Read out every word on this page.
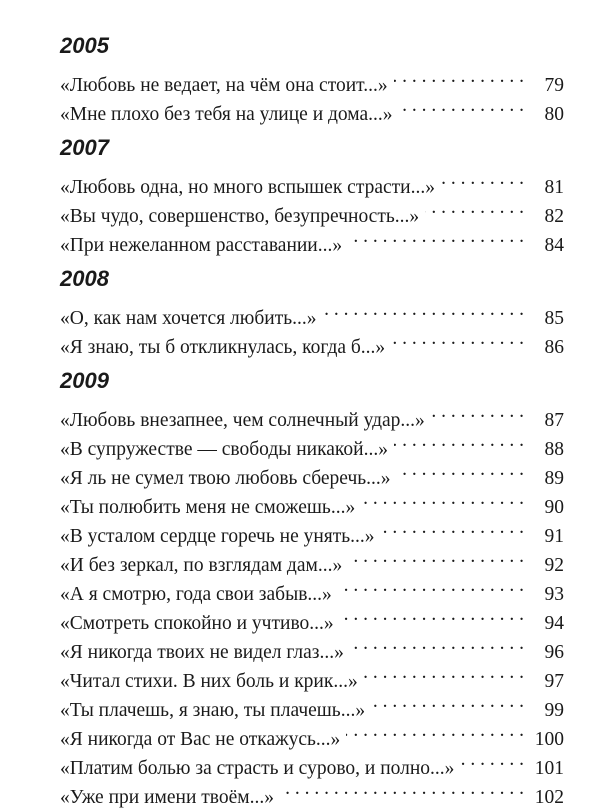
2005
«Любовь не ведает, на чём она стоит...» . . .	79
«Мне плохо без тебя на улице и дома...» . . .	80
2007
«Любовь одна, но много вспышек страсти...» . . .	81
«Вы чудо, совершенство, безупречность...» . . .	82
«При нежеланном расставании...» . . .	84
2008
«О, как нам хочется любить...» . . .	85
«Я знаю, ты б откликнулась, когда б...» . . .	86
2009
«Любовь внезапнее, чем солнечный удар...» . . .	87
«В супружестве — свободы никакой...» . . .	88
«Я ль не сумел твою любовь сберечь...» . . .	89
«Ты полюбить меня не сможешь...» . . .	90
«В усталом сердце горечь не унять...» . . .	91
«И без зеркал, по взглядам дам...» . . .	92
«А я смотрю, года свои забыв...» . . .	93
«Смотреть спокойно и учтиво...» . . .	94
«Я никогда твоих не видел глаз...» . . .	96
«Читал стихи. В них боль и крик...» . . .	97
«Ты плачешь, я знаю, ты плачешь...» . . .	99
«Я никогда от Вас не откажусь...» . . .	100
«Платим болью за страсть и сурово, и полно...» . . .	101
«Уже при имени твоём...» . . .	102
